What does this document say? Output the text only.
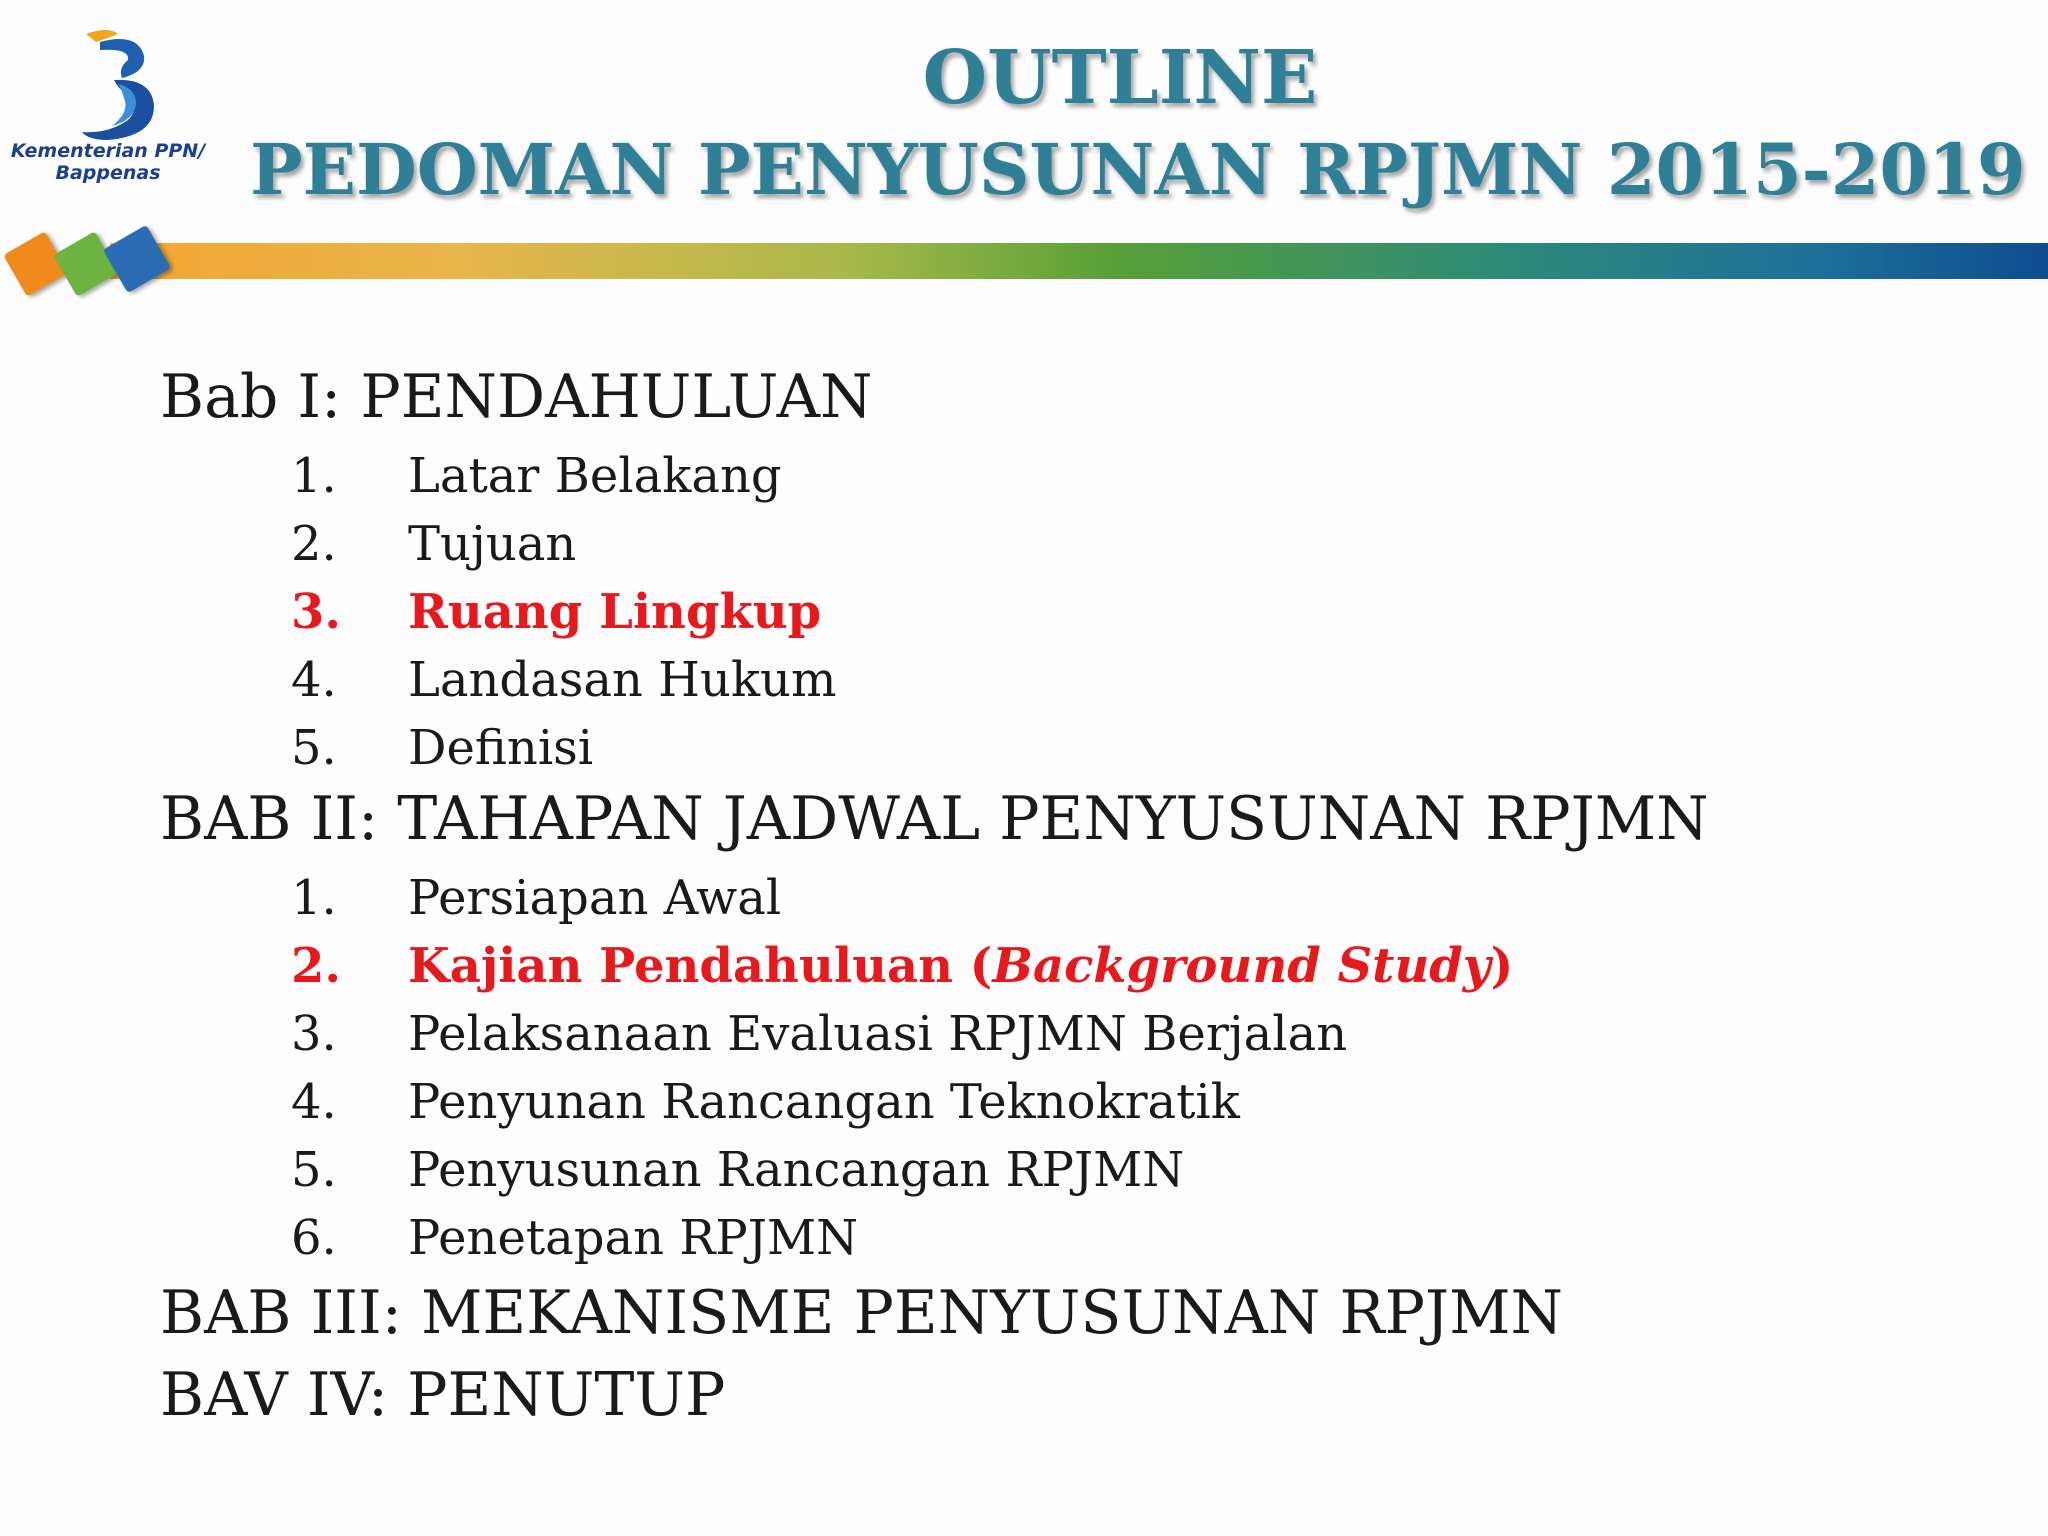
Kementerian PPN/
Bappenas
OUTLINE
PEDOMAN PENYUSUNAN RPJMN 2015-2019
Bab I: PENDAHULUAN
1. Latar Belakang
2. Tujuan
3. Ruang Lingkup
4. Landasan Hukum
5. Definisi
BAB II: TAHAPAN JADWAL PENYUSUNAN RPJMN
1. Persiapan Awal
2. Kajian Pendahuluan (Background Study)
3. Pelaksanaan Evaluasi RPJMN Berjalan
4. Penyunan Rancangan Teknokratik
5. Penyusunan Rancangan RPJMN
6. Penetapan RPJMN
BAB III: MEKANISME PENYUSUNAN RPJMN
BAV IV: PENUTUP
